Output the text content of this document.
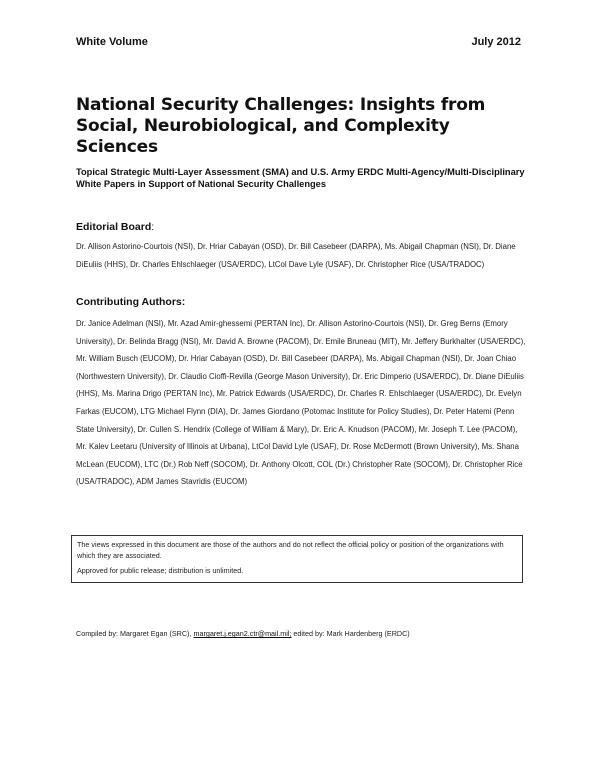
White Volume	July 2012
National Security Challenges: Insights from Social, Neurobiological, and Complexity Sciences
Topical Strategic Multi-Layer Assessment (SMA) and U.S. Army ERDC Multi-Agency/Multi-Disciplinary White Papers in Support of National Security Challenges
Editorial Board:
Dr. Allison Astorino-Courtois (NSI), Dr. Hriar Cabayan (OSD), Dr. Bill Casebeer (DARPA), Ms. Abigail Chapman (NSI), Dr. Diane DiEuliis (HHS), Dr. Charles Ehlschlaeger (USA/ERDC), LtCol Dave Lyle (USAF), Dr. Christopher Rice (USA/TRADOC)
Contributing Authors:
Dr. Janice Adelman (NSI), Mr. Azad Amir-ghessemi (PERTAN Inc), Dr. Allison Astorino-Courtois (NSI), Dr. Greg Berns (Emory University), Dr. Belinda Bragg (NSI), Mr. David A. Browne (PACOM), Dr. Emile Bruneau (MIT), Mr. Jeffery Burkhalter (USA/ERDC), Mr. William Busch (EUCOM), Dr. Hriar Cabayan (OSD), Dr. Bill Casebeer (DARPA), Ms. Abigail Chapman (NSI), Dr. Joan Chiao (Northwestern University), Dr. Claudio Cioffi-Revilla (George Mason University), Dr. Eric Dimperio (USA/ERDC), Dr. Diane DiEuliis (HHS), Ms. Marina Drigo (PERTAN Inc), Mr. Patrick Edwards (USA/ERDC), Dr. Charles R. Ehlschlaeger (USA/ERDC), Dr. Evelyn Farkas (EUCOM), LTG Michael Flynn (DIA), Dr. James Giordano (Potomac Institute for Policy Studies), Dr. Peter Hatemi (Penn State University), Dr. Cullen S. Hendrix (College of William & Mary), Dr. Eric A. Knudson (PACOM), Mr. Joseph T. Lee (PACOM), Mr. Kalev Leetaru (University of Illinois at Urbana), LtCol David Lyle (USAF), Dr. Rose McDermott (Brown University), Ms. Shana McLean (EUCOM), LTC (Dr.) Rob Neff (SOCOM), Dr. Anthony Olcott, COL (Dr.) Christopher Rate (SOCOM), Dr. Christopher Rice (USA/TRADOC), ADM James Stavridis (EUCOM)
The views expressed in this document are those of the authors and do not reflect the official policy or position of the organizations with which they are associated.
Approved for public release; distribution is unlimited.
Compiled by: Margaret Egan (SRC), margaret.j.egan2.ctr@mail.mil; edited by: Mark Hardenberg (ERDC)
